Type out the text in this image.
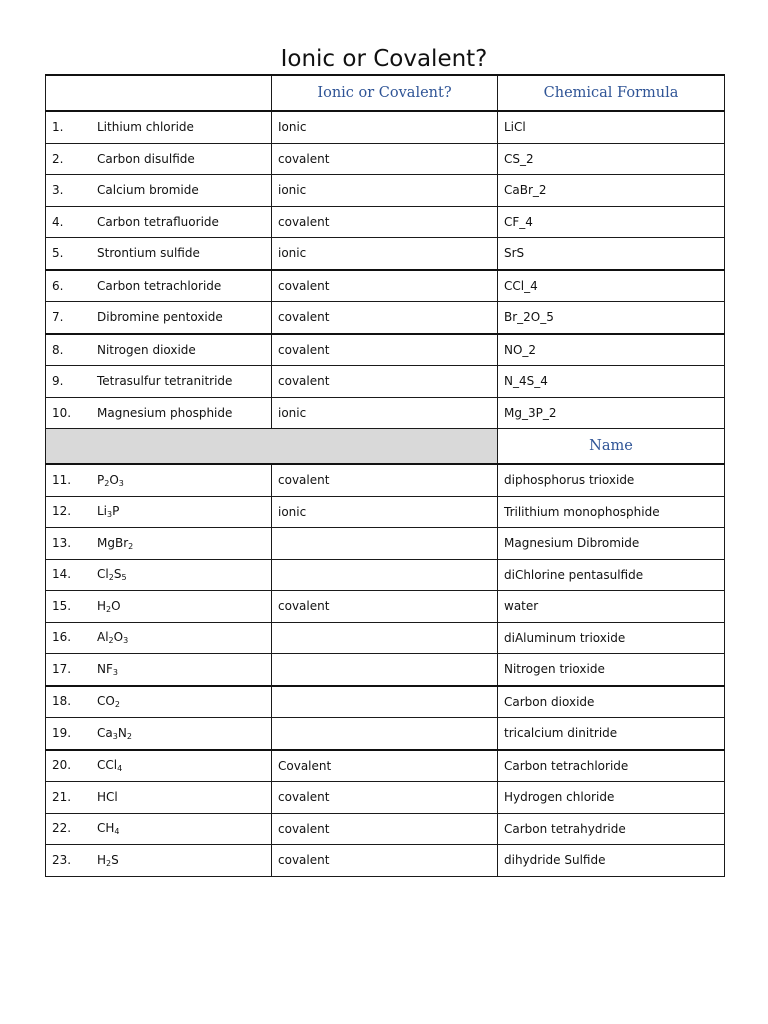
Ionic or Covalent?
	Ionic or Covalent?	Chemical Formula
1. Lithium chloride	Ionic	LiCl
2. Carbon disulfide	covalent	CS_2
3. Calcium bromide	ionic	CaBr_2
4. Carbon tetrafluoride	covalent	CF_4
5. Strontium sulfide	ionic	SrS
6. Carbon tetrachloride	covalent	CCl_4
7. Dibromine pentoxide	covalent	Br_2O_5
8. Nitrogen dioxide	covalent	NO_2
9. Tetrasulfur tetranitride	covalent	N_4S_4
10. Magnesium phosphide	ionic	Mg_3P_2
		Name
11. $P_2O_3$	covalent	diphosphorus trioxide
12. $Li_3P$	ionic	Trilithium monophosphide
13. MgBr$_2$		Magnesium Dibromide
14. $Cl_2S_5$		diChlorine pentasulfide
15. $H_2O$	covalent	water
16. $Al_2O_3$		diAluminum trioxide
17. $NF_3$		Nitrogen trioxide
18. $CO_2$		Carbon dioxide
19. $Ca_3N_2$		tricalcium dinitride
20. CCl$_4$	Covalent	Carbon tetrachloride
21. HCl	covalent	Hydrogen chloride
22. $CH_4$	covalent	Carbon tetrahydride
23. $H_2S$	covalent	dihydride Sulfide
